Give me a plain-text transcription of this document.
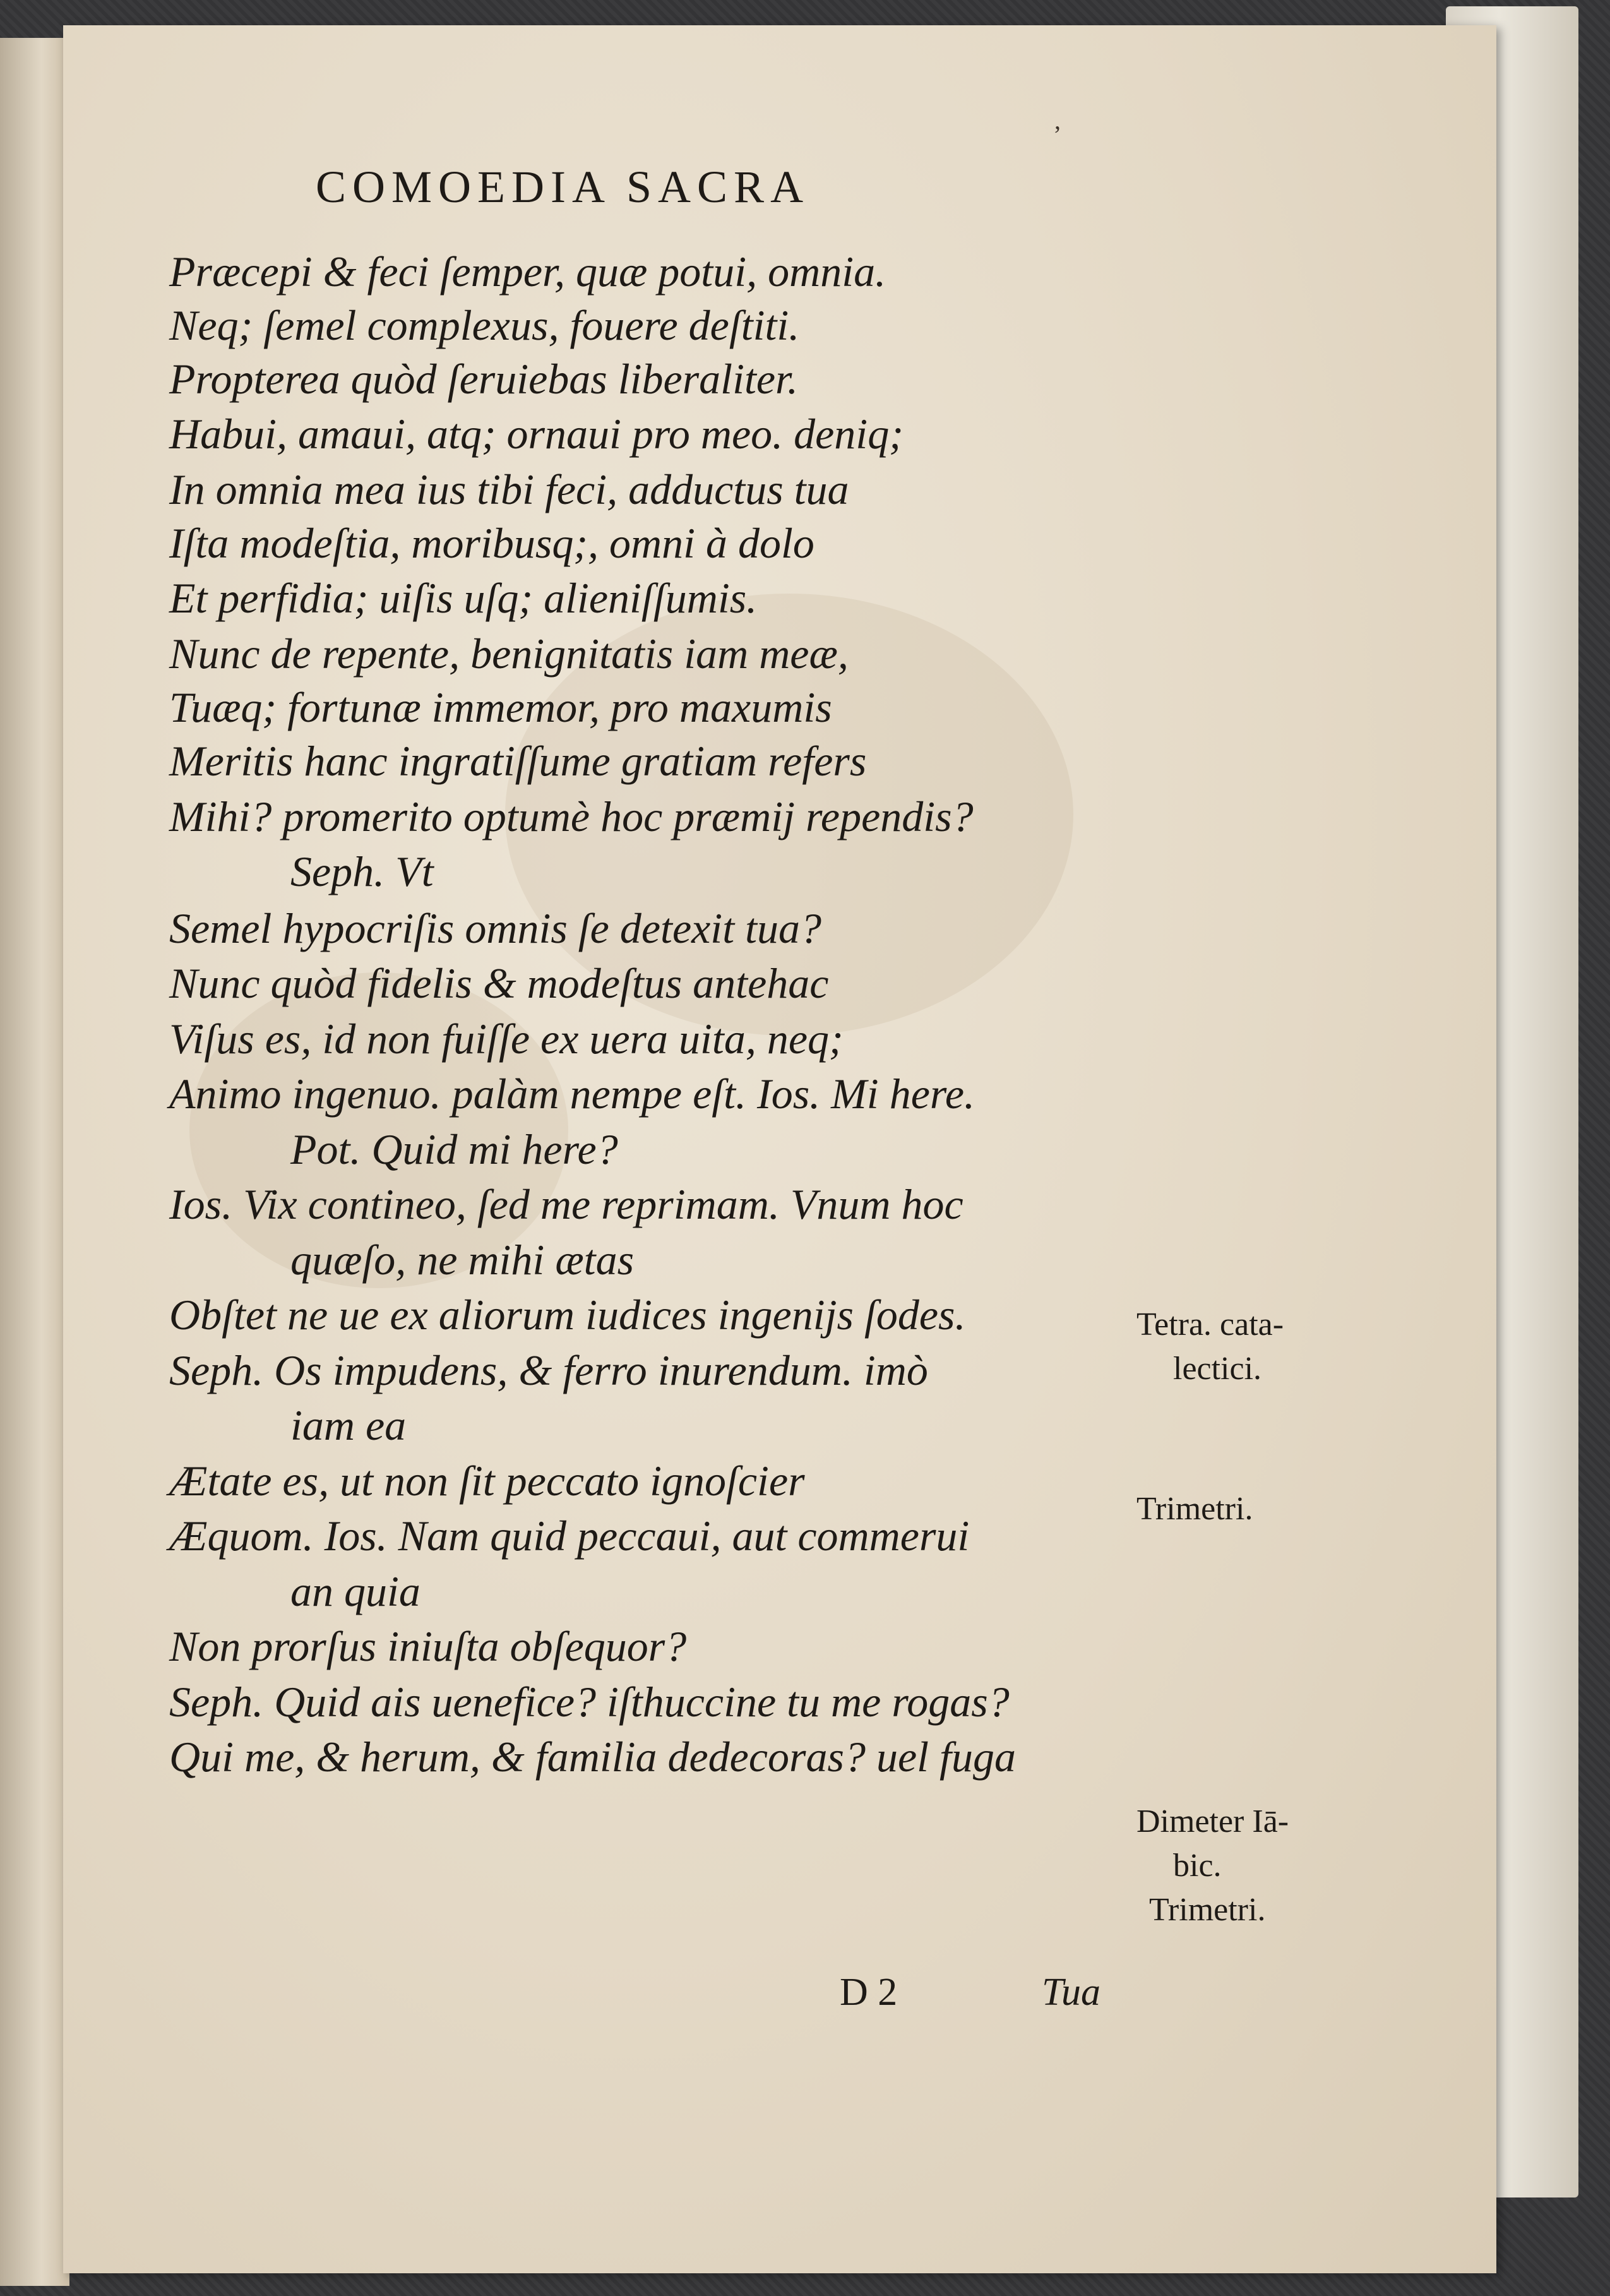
ʼ
COMOEDIA SACRA
Præcepi & feci ſemper, quæ potui, omnia.
Neq; ſemel complexus, fouere deſtiti.
Propterea quòd ſeruiebas liberaliter.
Habui, amaui, atq; ornaui pro meo. deniq;
In omnia mea ius tibi feci, adductus tua
Iſta modeſtia, moribusq;, omni à dolo
Et perfidia; uiſis uſq; alieniſſumis.
Nunc de repente, benignitatis iam meæ,
Tuæq; fortunæ immemor, pro maxumis
Meritis hanc ingratiſſume gratiam refers
Mihi? promerito optumè hoc præmij rependis?
Seph. Vt
Semel hypocriſis omnis ſe detexit tua?
Nunc quòd fidelis & modeſtus antehac
Viſus es, id non fuiſſe ex uera uita, neq;
Animo ingenuo. palàm nempe eſt. Ios. Mi here.
Pot. Quid mi here?
Ios. Vix contineo, ſed me reprimam. Vnum hoc
quæſo, ne mihi ætas
Obſtet ne ue ex aliorum iudices ingenijs ſodes.
Seph. Os impudens, & ferro inurendum. imò
iam ea
Ætate es, ut non ſit peccato ignoſcier
Æquom. Ios. Nam quid peccaui, aut commerui
an quia
Non prorſus iniuſta obſequor?
Seph. Quid ais uenefice? iſthuccine tu me rogas?
Qui me, & herum, & familia dedecoras? uel fuga
Tetra. cata-
lectici.
Trimetri.
Dimeter Iā-
bic.
Trimetri.
D 2	Tua
